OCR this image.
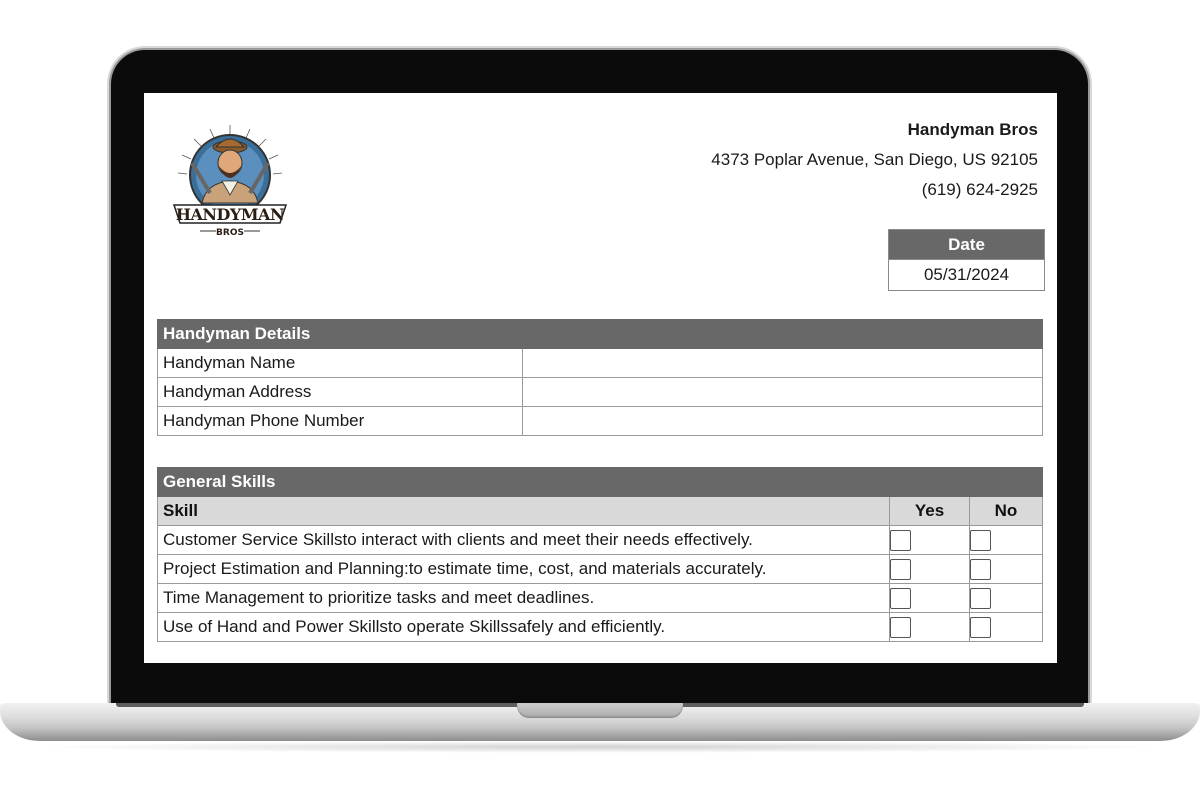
HANDYMAN
BROS
Handyman Bros
4373 Poplar Avenue, San Diego, US 92105
(619) 624-2925
Date
05/31/2024
Handyman Details	
Handyman Name	
Handyman Address	
Handyman Phone Number	
General Skills		
Skill	Yes	No
Customer Service Skillsto interact with clients and meet their needs effectively.		
Project Estimation and Planning:to estimate time, cost, and materials accurately.		
Time Management to prioritize tasks and meet deadlines.		
Use of Hand and Power Skillsto operate Skillssafely and efficiently.		
